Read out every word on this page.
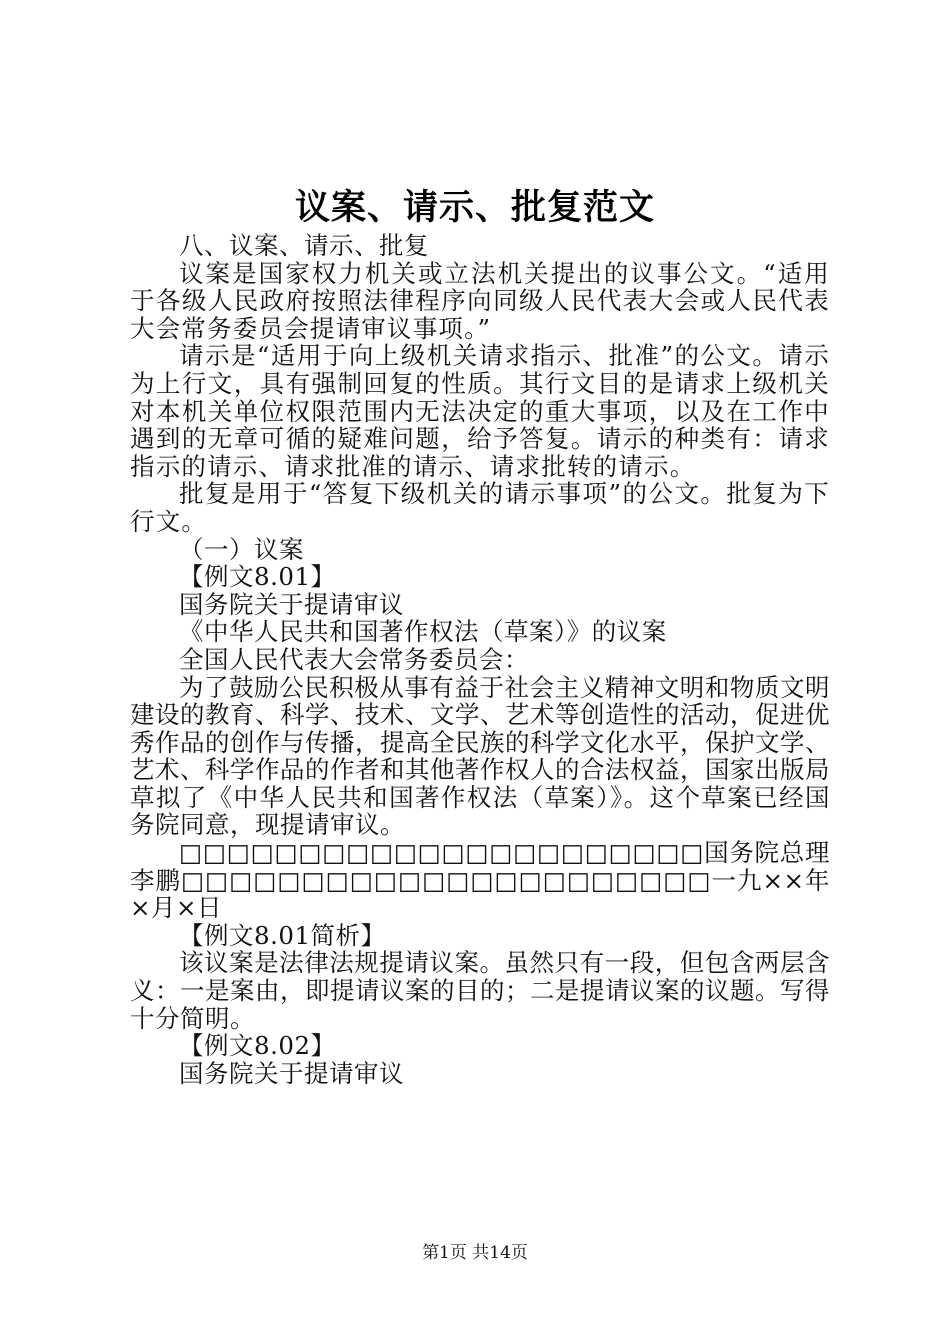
议案、请示、批复范文

八、议案、请示、批复

议案是国家权力机关或立法机关提出的议事公文。“适用于各级人民政府按照法律程序向同级人民代表大会或人民代表大会常务委员会提请审议事项。”

请示是“适用于向上级机关请求指示、批准”的公文。请示为上行文，具有强制回复的性质。其行文目的是请求上级机关对本机关单位权限范围内无法决定的重大事项，以及在工作中遇到的无章可循的疑难问题，给予答复。请示的种类有：请求指示的请示、请求批准的请示、请求批转的请示。

批复是用于“答复下级机关的请示事项”的公文。批复为下行文。

（一）议案

【例文8.01】

国务院关于提请审议

《中华人民共和国著作权法（草案）》的议案

全国人民代表大会常务委员会：

为了鼓励公民积极从事有益于社会主义精神文明和物质文明建设的教育、科学、技术、文学、艺术等创造性的活动，促进优秀作品的创作与传播，提高全民族的科学文化水平，保护文学、艺术、科学作品的作者和其他著作权人的合法权益，国家出版局草拟了《中华人民共和国著作权法（草案）》。这个草案已经国务院同意，现提请审议。

□□□□□□□□□□□□□□□□□□□□□□国务院总理李鹏□□□□□□□□□□□□□□□□□□□□□□一九××年×月×日

【例文8.01简析】

该议案是法律法规提请议案。虽然只有一段，但包含两层含义：一是案由，即提请议案的目的；二是提请议案的议题。写得十分简明。

【例文8.02】

国务院关于提请审议

第1页 共14页
